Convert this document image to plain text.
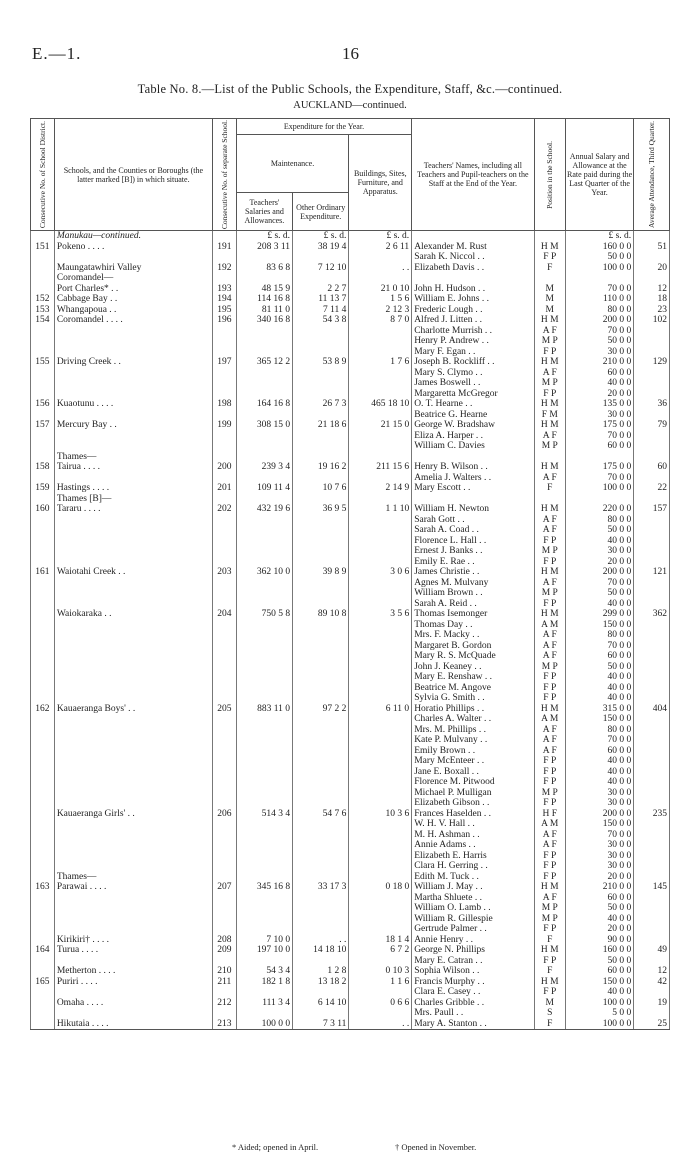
E.—1.	16
Table No. 8.—List of the Public Schools, the Expenditure, Staff, &c.—continued.
AUCKLAND—continued.
Consecutive No. of School District.	Schools, and the Counties or Boroughs (the latter marked [B]) in which situate.	Consecutive No. of separate School.	Expenditure for the Year.			Teachers' Names, including all Teachers and Pupil-teachers on the Staff at the End of the Year.	Position in the School.	Annual Salary and Allowance at the Rate paid during the Last Quarter of the Year.	Average Attendance, Third Quarter.

			Maintenance.		Buildings, Sites, Furniture, and Apparatus.				
			Teachers' Salaries and Allowances.	Other Ordinary Expenditure.					
	Manukau—continued.		£ s. d.	£ s. d.	£ s. d.			£ s. d.	
151	Pokeno . . . .	191	208 3 11	38 19 4	2 6 11	Alexander M. Rust	H M	160 0 0	51
						Sarah K. Niccol . .	F P	50 0 0	
	Maungatawhiri Valley	192	83 6 8	7 12 10	. .	Elizabeth Davis . .	F	100 0 0	20
	Coromandel—								
	Port Charles* . .	193	48 15 9	2 2 7	21 0 10	John H. Hudson . .	M	70 0 0	12
152	Cabbage Bay . .	194	114 16 8	11 13 7	1 5 6	William E. Johns . .	M	110 0 0	18
153	Whangapoua . .	195	81 11 0	7 11 4	2 12 3	Frederic Lough . .	M	80 0 0	23
154	Coromandel . . . .	196	340 16 8	54 3 8	8 7 0	Alfred J. Litten . .	H M	200 0 0	102
						Charlotte Murrish . .	A F	70 0 0	
						Henry P. Andrew . .	M P	50 0 0	
						Mary F. Egan . .	F P	30 0 0	
155	Driving Creek . .	197	365 12 2	53 8 9	1 7 6	Joseph B. Rockliff . .	H M	210 0 0	129
						Mary S. Clymo . .	A F	60 0 0	
						James Boswell . .	M P	40 0 0	
						Margaretta McGregor	F P	20 0 0	
156	Kuaotunu . . . .	198	164 16 8	26 7 3	465 18 10	O. T. Hearne . .	H M	135 0 0	36
						Beatrice G. Hearne	F M	30 0 0	
157	Mercury Bay . .	199	308 15 0	21 18 6	21 15 0	George W. Bradshaw	H M	175 0 0	79
						Eliza A. Harper . .	A F	70 0 0	
						William C. Davies	M P	60 0 0	
	Thames—								
158	Tairua . . . .	200	239 3 4	19 16 2	211 15 6	Henry B. Wilson . .	H M	175 0 0	60
						Amelia J. Walters . .	A F	70 0 0	
159	Hastings . . . .	201	109 11 4	10 7 6	2 14 9	Mary Escott . .	F	100 0 0	22
	Thames [B]—								
160	Tararu . . . .	202	432 19 6	36 9 5	1 1 10	William H. Newton	H M	220 0 0	157
						Sarah Gott . .	A F	80 0 0	
						Sarah A. Coad . .	A F	50 0 0	
						Florence L. Hall . .	F P	40 0 0	
						Ernest J. Banks . .	M P	30 0 0	
						Emily E. Rae . .	F P	20 0 0	
161	Waiotahi Creek . .	203	362 10 0	39 8 9	3 0 6	James Christie . .	H M	200 0 0	121
						Agnes M. Mulvany	A F	70 0 0	
						William Brown . .	M P	50 0 0	
						Sarah A. Reid . .	F P	40 0 0	
	Waiokaraka . .	204	750 5 8	89 10 8	3 5 6	Thomas Isemonger	H M	299 0 0	362
						Thomas Day . .	A M	150 0 0	
						Mrs. F. Macky . .	A F	80 0 0	
						Margaret B. Gordon	A F	70 0 0	
						Mary R. S. McQuade	A F	60 0 0	
						John J. Keaney . .	M P	50 0 0	
						Mary E. Renshaw . .	F P	40 0 0	
						Beatrice M. Angove	F P	40 0 0	
						Sylvia G. Smith . .	F P	40 0 0	
162	Kauaeranga Boys' . .	205	883 11 0	97 2 2	6 11 0	Horatio Phillips . .	H M	315 0 0	404
						Charles A. Walter . .	A M	150 0 0	
						Mrs. M. Phillips . .	A F	80 0 0	
						Kate P. Mulvany . .	A F	70 0 0	
						Emily Brown . .	A F	60 0 0	
						Mary McEnteer . .	F P	40 0 0	
						Jane E. Boxall . .	F P	40 0 0	
						Florence M. Pitwood	F P	40 0 0	
						Michael P. Mulligan	M P	30 0 0	
						Elizabeth Gibson . .	F P	30 0 0	
	Kauaeranga Girls' . .	206	514 3 4	54 7 6	10 3 6	Frances Haselden . .	H F	200 0 0	235
						W. H. V. Hall . .	A M	150 0 0	
						M. H. Ashman . .	A F	70 0 0	
						Annie Adams . .	A F	30 0 0	
						Elizabeth E. Harris	F P	30 0 0	
						Clara H. Gerring . .	F P	30 0 0	
	Thames—					Edith M. Tuck . .	F P	20 0 0	
163	Parawai . . . .	207	345 16 8	33 17 3	0 18 0	William J. May . .	H M	210 0 0	145
						Martha Shluete . .	A F	60 0 0	
						William O. Lamb . .	M P	50 0 0	
						William R. Gillespie	M P	40 0 0	
						Gertrude Palmer . .	F P	20 0 0	
	Kirikiri† . . . .	208	7 10 0	. .	18 1 4	Annie Henry . .	F	90 0 0	
164	Turua . . . .	209	197 10 0	14 18 10	6 7 2	George N. Phillips	H M	160 0 0	49
						Mary E. Catran . .	F P	50 0 0	
	Metherton . . . .	210	54 3 4	1 2 8	0 10 3	Sophia Wilson . .	F	60 0 0	12
165	Puriri . . . .	211	182 1 8	13 18 2	1 1 6	Francis Murphy . .	H M	150 0 0	42
						Clara E. Casey . .	F P	40 0 0	
	Omaha . . . .	212	111 3 4	6 14 10	0 6 6	Charles Gribble . .	M	100 0 0	19
						Mrs. Paull . .	S	5 0 0	
	Hikutaia . . . .	213	100 0 0	7 3 11	. .	Mary A. Stanton . .	F	100 0 0	25
* Aided; opened in April.	† Opened in November.
